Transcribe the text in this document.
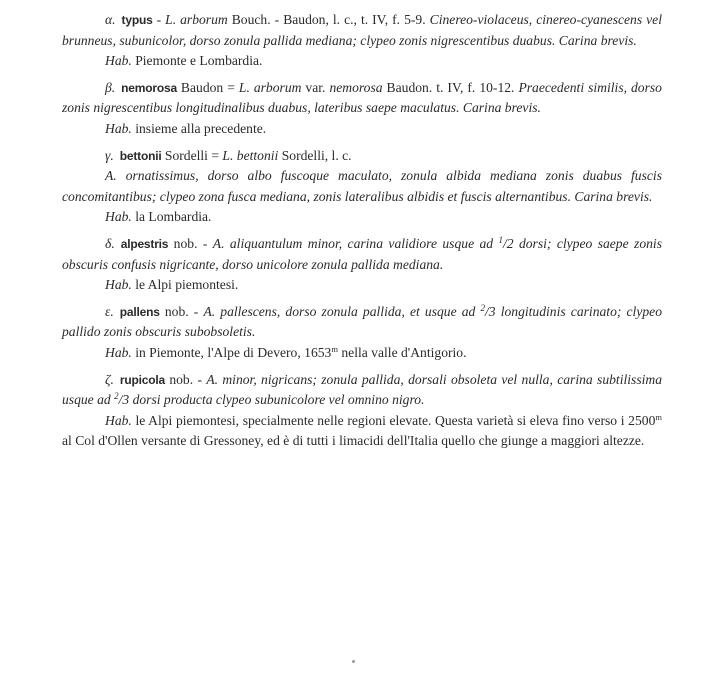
α. typus - L. arborum Bouch. - Baudon, l. c., t. IV, f. 5-9. Cinereo-violaceus, cinereo-cyanescens vel brunneus, subunicolor, dorso zonula pallida mediana; clypeo zonis nigrescentibus duabus. Carina brevis.

Hab. Piemonte e Lombardia.

β. nemorosa Baudon = L. arborum var. nemorosa Baudon. t. IV, f. 10-12. Praecedenti similis, dorso zonis nigrescentibus longitudinalibus duabus, lateribus saepe maculatus. Carina brevis.

Hab. insieme alla precedente.

γ. bettonii Sordelli = L. bettonii Sordelli, l. c.

A. ornatissimus, dorso albo fuscoque maculato, zonula albida mediana zonis duabus fuscis concomitantibus; clypeo zona fusca mediana, zonis lateralibus albidis et fuscis alternantibus. Carina brevis.

Hab. la Lombardia.

δ. alpestris nob. - A. aliquantulum minor, carina validiore usque ad $^1$/2 dorsi; clypeo saepe zonis obscuris confusis nigricante, dorso unicolore zonula pallida mediana.

Hab. le Alpi piemontesi.

ε. pallens nob. - A. pallescens, dorso zonula pallida, et usque ad $^2$/3 longitudinis carinato; clypeo pallido zonis obscuris subobsoletis.

Hab. in Piemonte, l'Alpe di Devero, 1653$^m$ nella valle d'Antigorio.

ζ. rupicola nob. - A. minor, nigricans; zonula pallida, dorsali obsoleta vel nulla, carina subtilissima usque ad $^2$/3 dorsi producta clypeo subunicolore vel omnino nigro.

Hab. le Alpi piemontesi, specialmente nelle regioni elevate. Questa varietà si eleva fino verso i 2500$^m$ al Col d'Ollen versante di Gressoney, ed è di tutti i limacidi dell'Italia quello che giunge a maggiori altezze.
